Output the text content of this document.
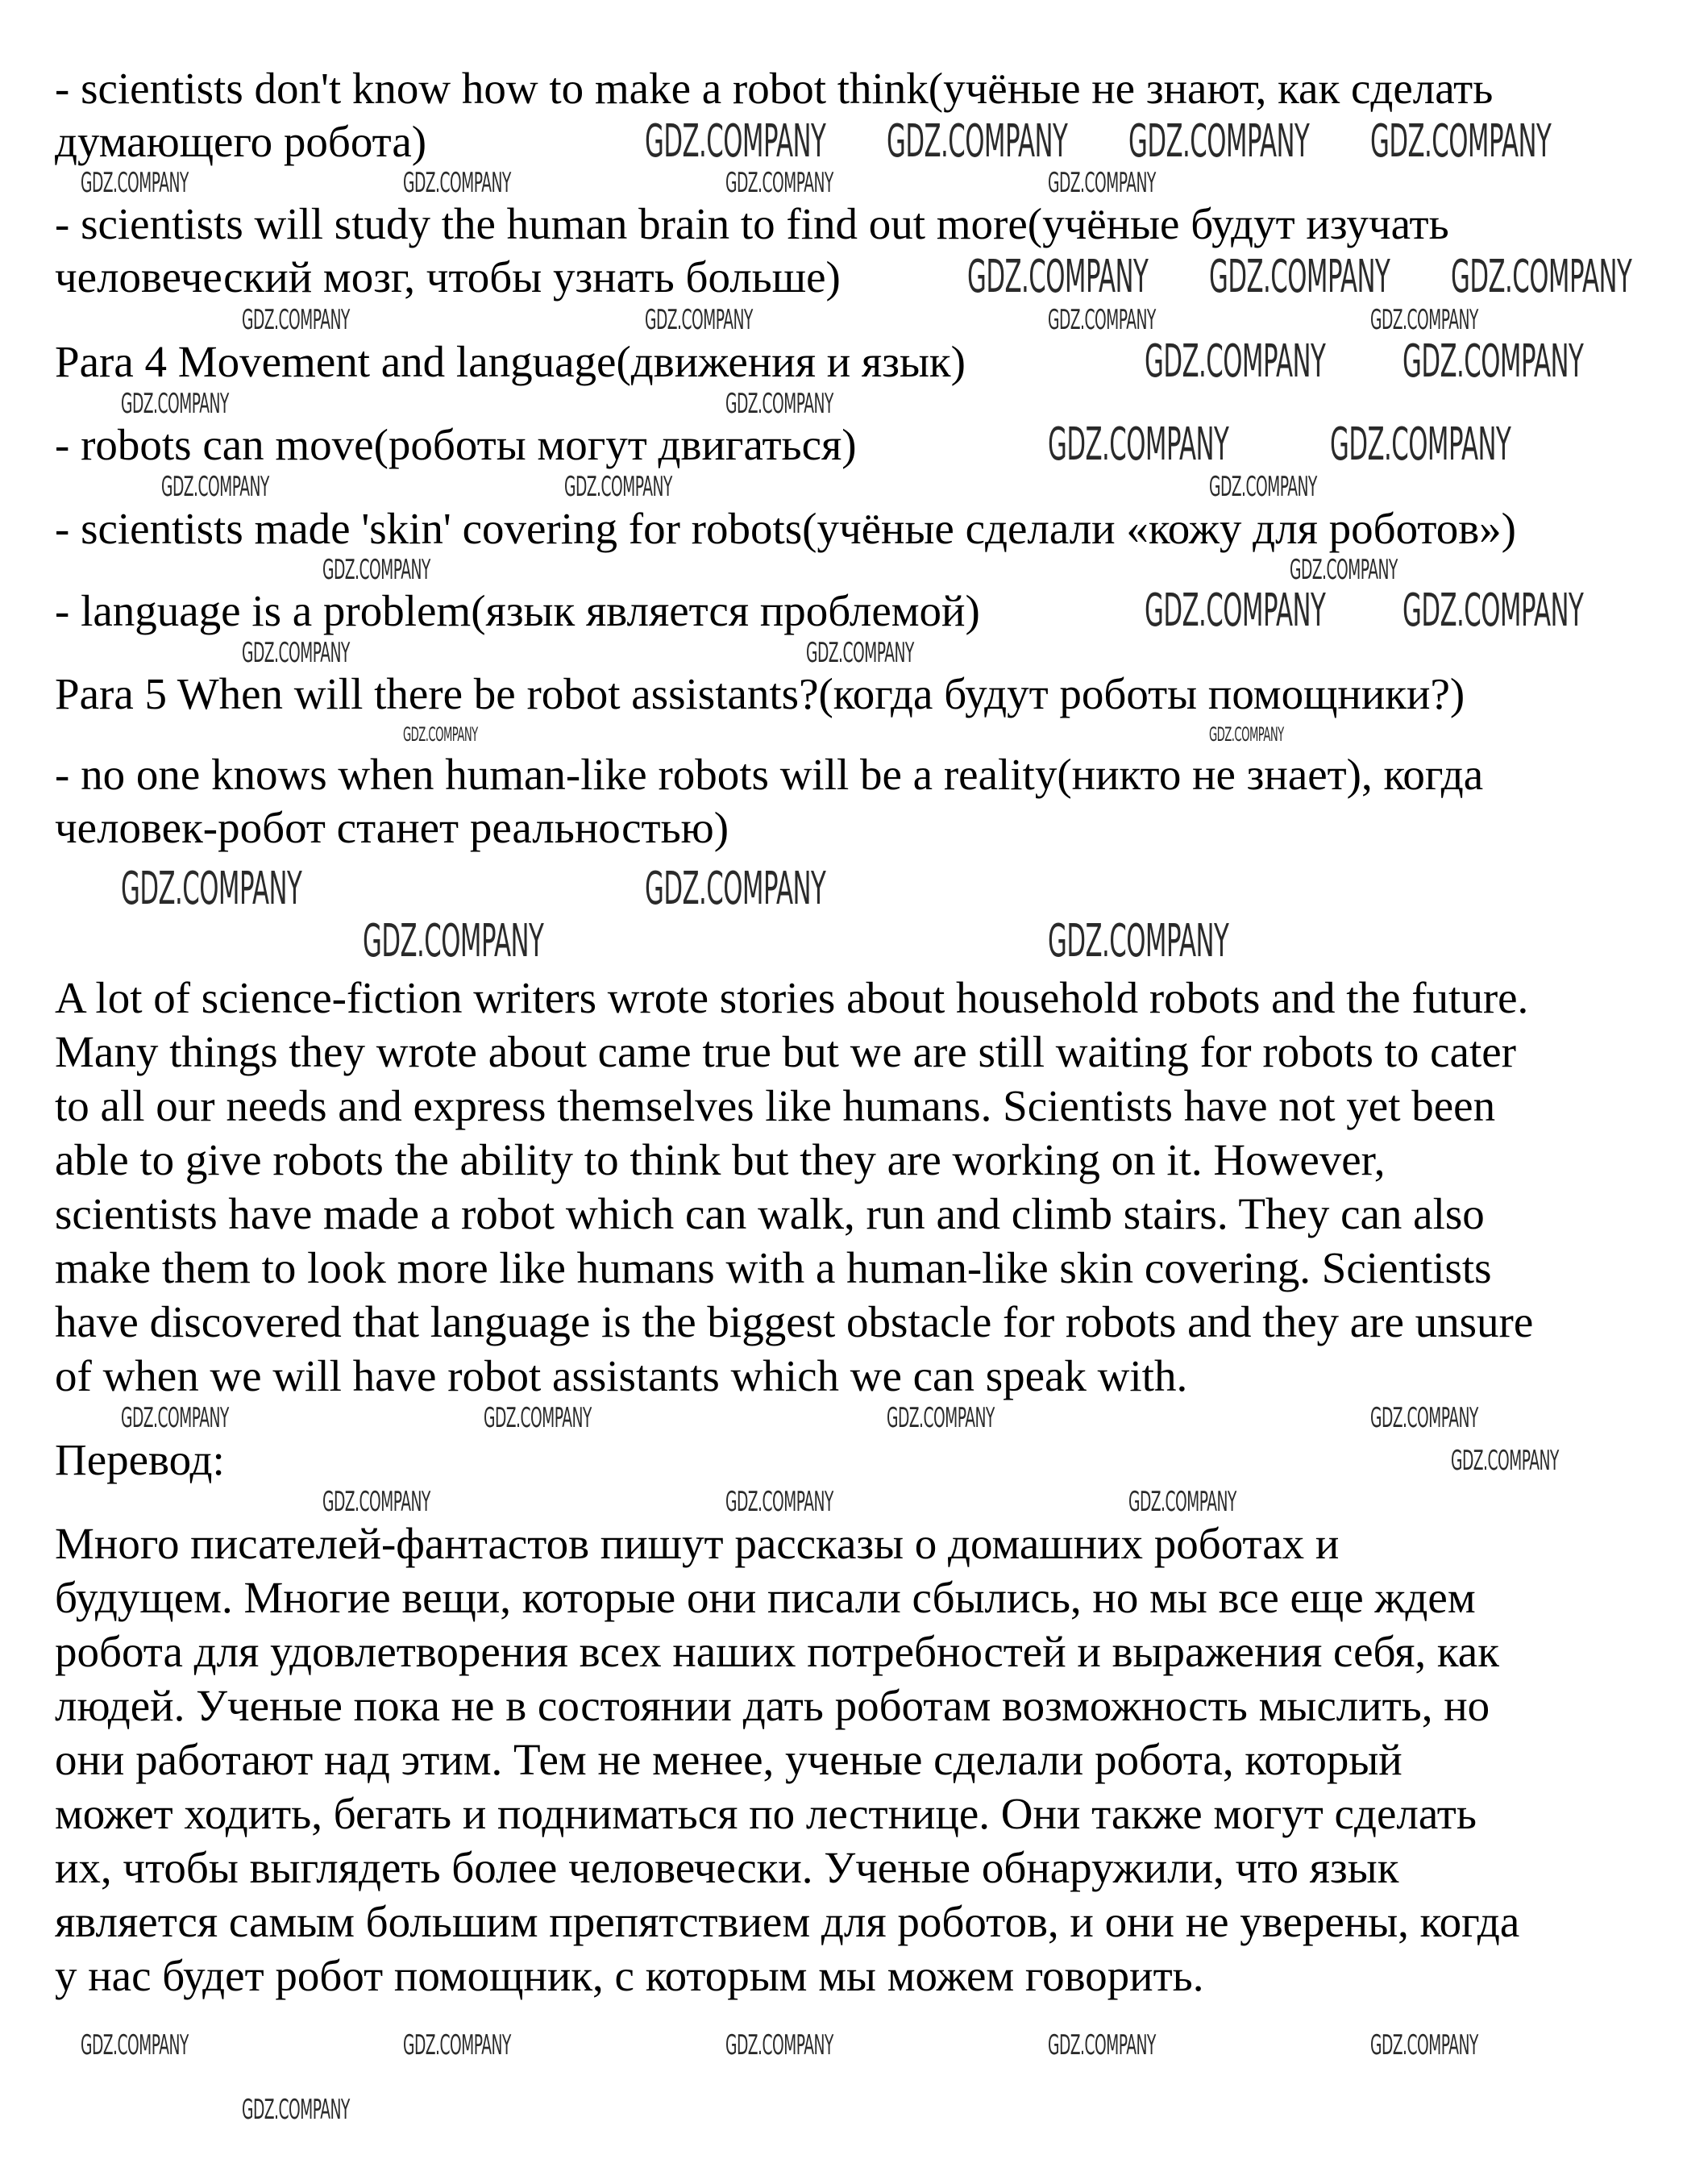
- scientists don't know how to make a robot think(учёные не знают, как сделать
думающего робота)
- scientists will study the human brain to find out more(учёные будут изучать
человеческий мозг, чтобы узнать больше)
Para 4 Movement and language(движения и язык)
- robots can move(роботы могут двигаться)
- scientists made 'skin' covering for robots(учёные сделали «кожу для роботов»)
- language is a problem(язык является проблемой)
Para 5 When will there be robot assistants?(когда будут роботы помощники?)
- no one knows when human-like robots will be a reality(никто не знает), когда
человек-робот станет реальностью)
A lot of science-fiction writers wrote stories about household robots and the future.
Many things they wrote about came true but we are still waiting for robots to cater
to all our needs and express themselves like humans. Scientists have not yet been
able to give robots the ability to think but they are working on it. However,
scientists have made a robot which can walk, run and climb stairs. They can also
make them to look more like humans with a human-like skin covering. Scientists
have discovered that language is the biggest obstacle for robots and they are unsure
of when we will have robot assistants which we can speak with.
Перевод:
Много писателей-фантастов пишут рассказы о домашних роботах и
будущем. Многие вещи, которые они писали сбылись, но мы все еще ждем
робота для удовлетворения всех наших потребностей и выражения себя, как
людей. Ученые пока не в состоянии дать роботам возможность мыслить, но
они работают над этим. Тем не менее, ученые сделали робота, который
может ходить, бегать и подниматься по лестнице. Они также могут сделать
их, чтобы выглядеть более человечески. Ученые обнаружили, что язык
является самым большим препятствием для роботов, и они не уверены, когда
у нас будет робот помощник, с которым мы можем говорить.
GDZ.COMPANY GDZ.COMPANY GDZ.COMPANY GDZ.COMPANY
GDZ.COMPANY GDZ.COMPANY GDZ.COMPANY
GDZ.COMPANY GDZ.COMPANY
GDZ.COMPANY GDZ.COMPANY
GDZ.COMPANY GDZ.COMPANY
GDZ.COMPANY	GDZ.COMPANY
GDZ.COMPANY	GDZ.COMPANY
GDZ.COMPANY	GDZ.COMPANY	GDZ.COMPANY	GDZ.COMPANY
GDZ.COMPANY	GDZ.COMPANY	GDZ.COMPANY	GDZ.COMPANY
GDZ.COMPANY	GDZ.COMPANY
GDZ.COMPANY	GDZ.COMPANY	GDZ.COMPANY
GDZ.COMPANY	GDZ.COMPANY
GDZ.COMPANY	GDZ.COMPANY
GDZ.COMPANY	GDZ.COMPANY
GDZ.COMPANY	GDZ.COMPANY	GDZ.COMPANY	GDZ.COMPANY
GDZ.COMPANY	GDZ.COMPANY	GDZ.COMPANY
GDZ.COMPANY
GDZ.COMPANY	GDZ.COMPANY	GDZ.COMPANY	GDZ.COMPANY	GDZ.COMPANY
GDZ.COMPANY
